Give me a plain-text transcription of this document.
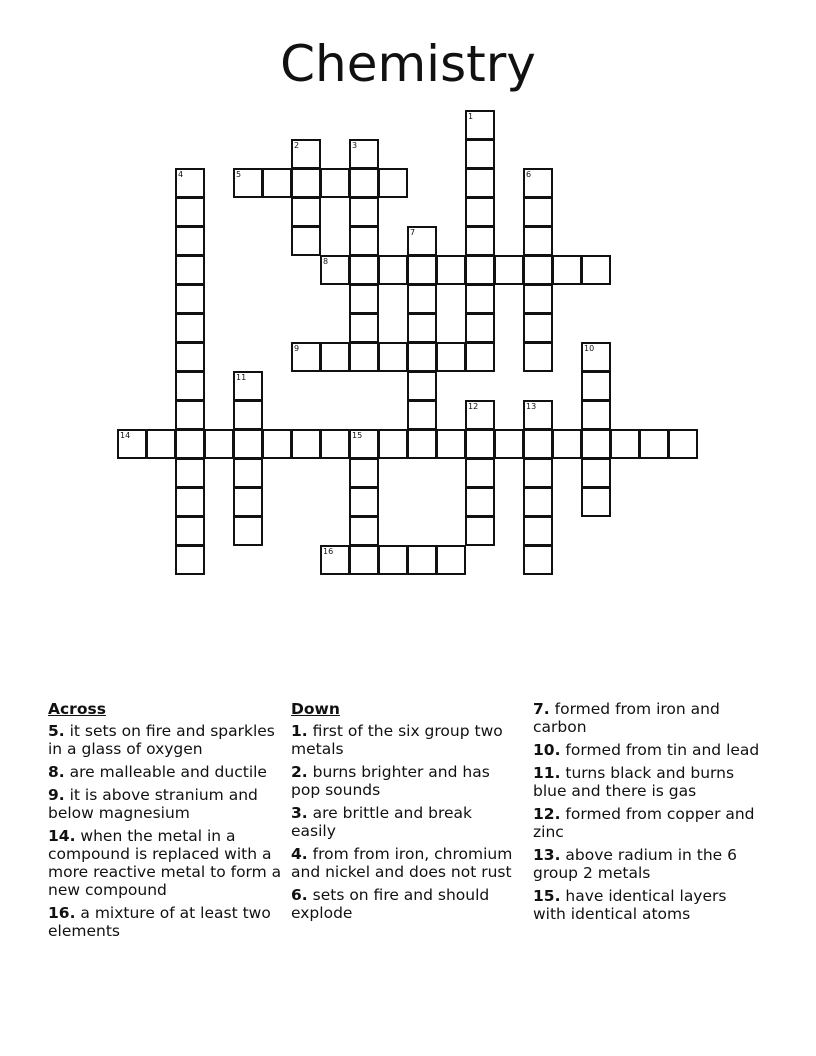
Chemistry
5
8
9
14	15
16
1
2	3
4	6
7
10
11
12	13
Across
5. it sets on fire and sparkles in a glass of oxygen
8. are malleable and ductile
9. it is above stranium and below magnesium
14. when the metal in a compound is replaced with a more reactive metal to form a new compound
16. a mixture of at least two elements
Down
1. first of the six group two metals
2. burns brighter and has pop sounds
3. are brittle and break easily
4. from from iron, chromium and nickel and does not rust
6. sets on fire and should explode
7. formed from iron and carbon
10. formed from tin and lead
11. turns black and burns blue and there is gas
12. formed from copper and zinc
13. above radium in the 6 group 2 metals
15. have identical layers with identical atoms
